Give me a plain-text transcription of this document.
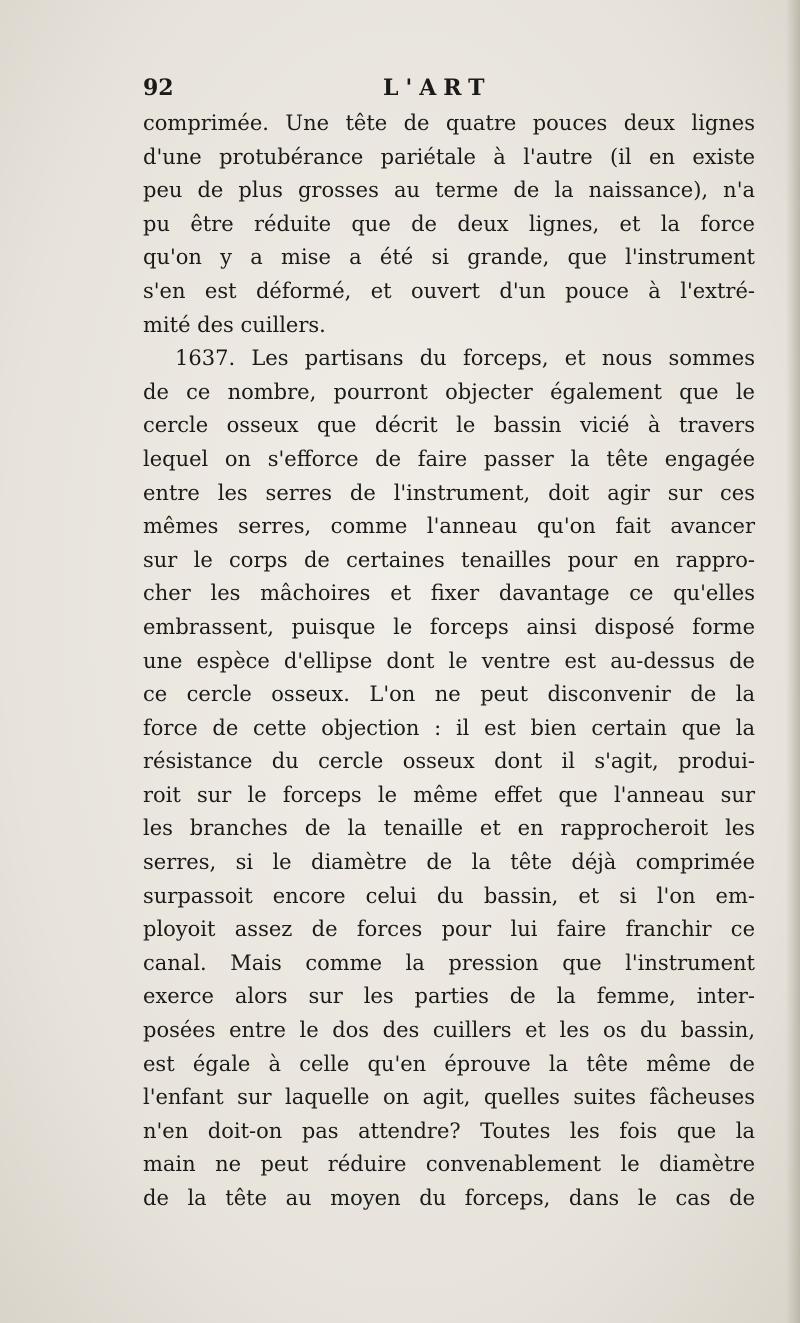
92	L'ART
comprimée. Une tête de quatre pouces deux lignes
d'une protubérance pariétale à l'autre (il en existe
peu de plus grosses au terme de la naissance), n'a
pu être réduite que de deux lignes, et la force
qu'on y a mise a été si grande, que l'instrument
s'en est déformé, et ouvert d'un pouce à l'extré-
mité des cuillers.
1637. Les partisans du forceps, et nous sommes
de ce nombre, pourront objecter également que le
cercle osseux que décrit le bassin vicié à travers
lequel on s'efforce de faire passer la tête engagée
entre les serres de l'instrument, doit agir sur ces
mêmes serres, comme l'anneau qu'on fait avancer
sur le corps de certaines tenailles pour en rappro-
cher les mâchoires et fixer davantage ce qu'elles
embrassent, puisque le forceps ainsi disposé forme
une espèce d'ellipse dont le ventre est au-dessus de
ce cercle osseux. L'on ne peut disconvenir de la
force de cette objection : il est bien certain que la
résistance du cercle osseux dont il s'agit, produi-
roit sur le forceps le même effet que l'anneau sur
les branches de la tenaille et en rapprocheroit les
serres, si le diamètre de la tête déjà comprimée
surpassoit encore celui du bassin, et si l'on em-
ployoit assez de forces pour lui faire franchir ce
canal. Mais comme la pression que l'instrument
exerce alors sur les parties de la femme, inter-
posées entre le dos des cuillers et les os du bassin,
est égale à celle qu'en éprouve la tête même de
l'enfant sur laquelle on agit, quelles suites fâcheuses
n'en doit-on pas attendre? Toutes les fois que la
main ne peut réduire convenablement le diamètre
de la tête au moyen du forceps, dans le cas de
